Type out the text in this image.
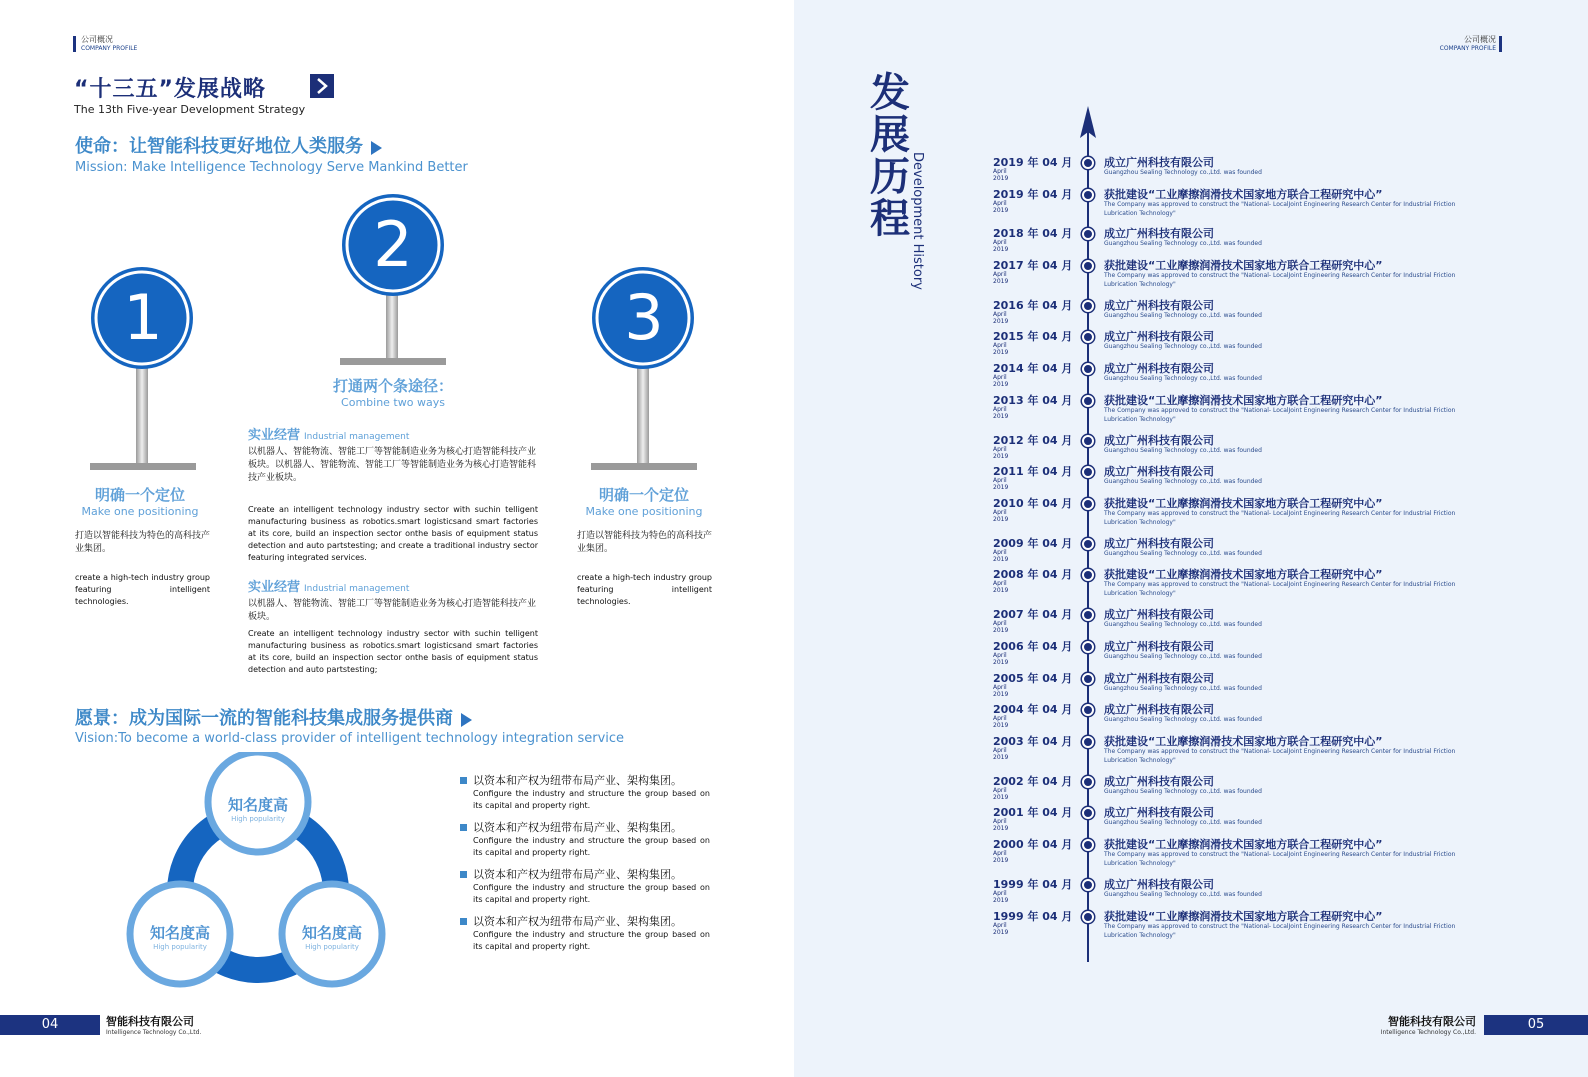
公司概况
COMPANY PROFILE
“十三五”发展战略
The 13th Five-year Development Strategy
使命：让智能科技更好地位人类服务
Mission: Make Intelligence Technology Serve Mankind Better
1
明确一个定位
Make one positioning
打造以智能科技为特色的高科技产业集团。
create a high-tech industry group featuring intelligent technologies.
2
打通两个条途径：
Combine two ways
实业经营 Industrial management
以机器人、智能物流、智能工厂等智能制造业务为核心打造智能科技产业板块。以机器人、智能物流、智能工厂等智能制造业务为核心打造智能科技产业板块。
Create an intelligent technology industry sector with suchin telligent manufacturing business as robotics.smart logisticsand smart factories at its core, build an inspection sector onthe basis of equipment status detection and auto partstesting; and create a traditional industry sector featuring integrated services.
实业经营 Industrial management
以机器人、智能物流、智能工厂等智能制造业务为核心打造智能科技产业板块。
Create an intelligent technology industry sector with suchin telligent manufacturing business as robotics.smart logisticsand smart factories at its core, build an inspection sector onthe basis of equipment status detection and auto partstesting;
3
明确一个定位
Make one positioning
打造以智能科技为特色的高科技产业集团。
create a high-tech industry group featuring intelligent technologies.
愿景：成为国际一流的智能科技集成服务提供商
Vision:To become a world-class provider of intelligent technology integration service
知名度高
High popularity
知名度高
High popularity
知名度高
High popularity
以资本和产权为纽带布局产业、架构集团。
Configure the industry and structure the group based on its capital and property right.
以资本和产权为纽带布局产业、架构集团。
Configure the industry and structure the group based on its capital and property right.
以资本和产权为纽带布局产业、架构集团。
Configure the industry and structure the group based on its capital and property right.
以资本和产权为纽带布局产业、架构集团。
Configure the industry and structure the group based on its capital and property right.
04	智能科技有限公司
Intelligence Technology Co.,Ltd.
公司概况
COMPANY PROFILE
发展历程 Development History	2019 年 04 月
April 2019
成立广州科技有限公司
Guangzhou Sealing Technology co.,Ltd. was founded
2019 年 04 月
April 2019
获批建设“工业摩擦润滑技术国家地方联合工程研究中心”
The Company was approved to construct the "National- LocalJoint Engineering Research Center for Industrial Friction Lubrication Technology"
2018 年 04 月
April 2019
成立广州科技有限公司
Guangzhou Sealing Technology co.,Ltd. was founded
2017 年 04 月
April 2019
获批建设“工业摩擦润滑技术国家地方联合工程研究中心”
The Company was approved to construct the "National- LocalJoint Engineering Research Center for Industrial Friction Lubrication Technology"
2016 年 04 月
April 2019
成立广州科技有限公司
Guangzhou Sealing Technology co.,Ltd. was founded
2015 年 04 月
April 2019
成立广州科技有限公司
Guangzhou Sealing Technology co.,Ltd. was founded
2014 年 04 月
April 2019
成立广州科技有限公司
Guangzhou Sealing Technology co.,Ltd. was founded
2013 年 04 月
April 2019
获批建设“工业摩擦润滑技术国家地方联合工程研究中心”
The Company was approved to construct the "National- LocalJoint Engineering Research Center for Industrial Friction Lubrication Technology"
2012 年 04 月
April 2019
成立广州科技有限公司
Guangzhou Sealing Technology co.,Ltd. was founded
2011 年 04 月
April 2019
成立广州科技有限公司
Guangzhou Sealing Technology co.,Ltd. was founded
2010 年 04 月
April 2019
获批建设“工业摩擦润滑技术国家地方联合工程研究中心”
The Company was approved to construct the "National- LocalJoint Engineering Research Center for Industrial Friction Lubrication Technology"
2009 年 04 月
April 2019
成立广州科技有限公司
Guangzhou Sealing Technology co.,Ltd. was founded
2008 年 04 月
April 2019
获批建设“工业摩擦润滑技术国家地方联合工程研究中心”
The Company was approved to construct the "National- LocalJoint Engineering Research Center for Industrial Friction Lubrication Technology"
2007 年 04 月
April 2019
成立广州科技有限公司
Guangzhou Sealing Technology co.,Ltd. was founded
2006 年 04 月
April 2019
成立广州科技有限公司
Guangzhou Sealing Technology co.,Ltd. was founded
2005 年 04 月
April 2019
成立广州科技有限公司
Guangzhou Sealing Technology co.,Ltd. was founded
2004 年 04 月
April 2019
成立广州科技有限公司
Guangzhou Sealing Technology co.,Ltd. was founded
2003 年 04 月
April 2019
获批建设“工业摩擦润滑技术国家地方联合工程研究中心”
The Company was approved to construct the "National- LocalJoint Engineering Research Center for Industrial Friction Lubrication Technology"
2002 年 04 月
April 2019
成立广州科技有限公司
Guangzhou Sealing Technology co.,Ltd. was founded
2001 年 04 月
April 2019
成立广州科技有限公司
Guangzhou Sealing Technology co.,Ltd. was founded
2000 年 04 月
April 2019
获批建设“工业摩擦润滑技术国家地方联合工程研究中心”
The Company was approved to construct the "National- LocalJoint Engineering Research Center for Industrial Friction Lubrication Technology"
1999 年 04 月
April 2019
成立广州科技有限公司
Guangzhou Sealing Technology co.,Ltd. was founded
1999 年 04 月
April 2019
获批建设“工业摩擦润滑技术国家地方联合工程研究中心”
The Company was approved to construct the "National- LocalJoint Engineering Research Center for Industrial Friction Lubrication Technology"
智能科技有限公司
Intelligence Technology Co.,Ltd.
05
